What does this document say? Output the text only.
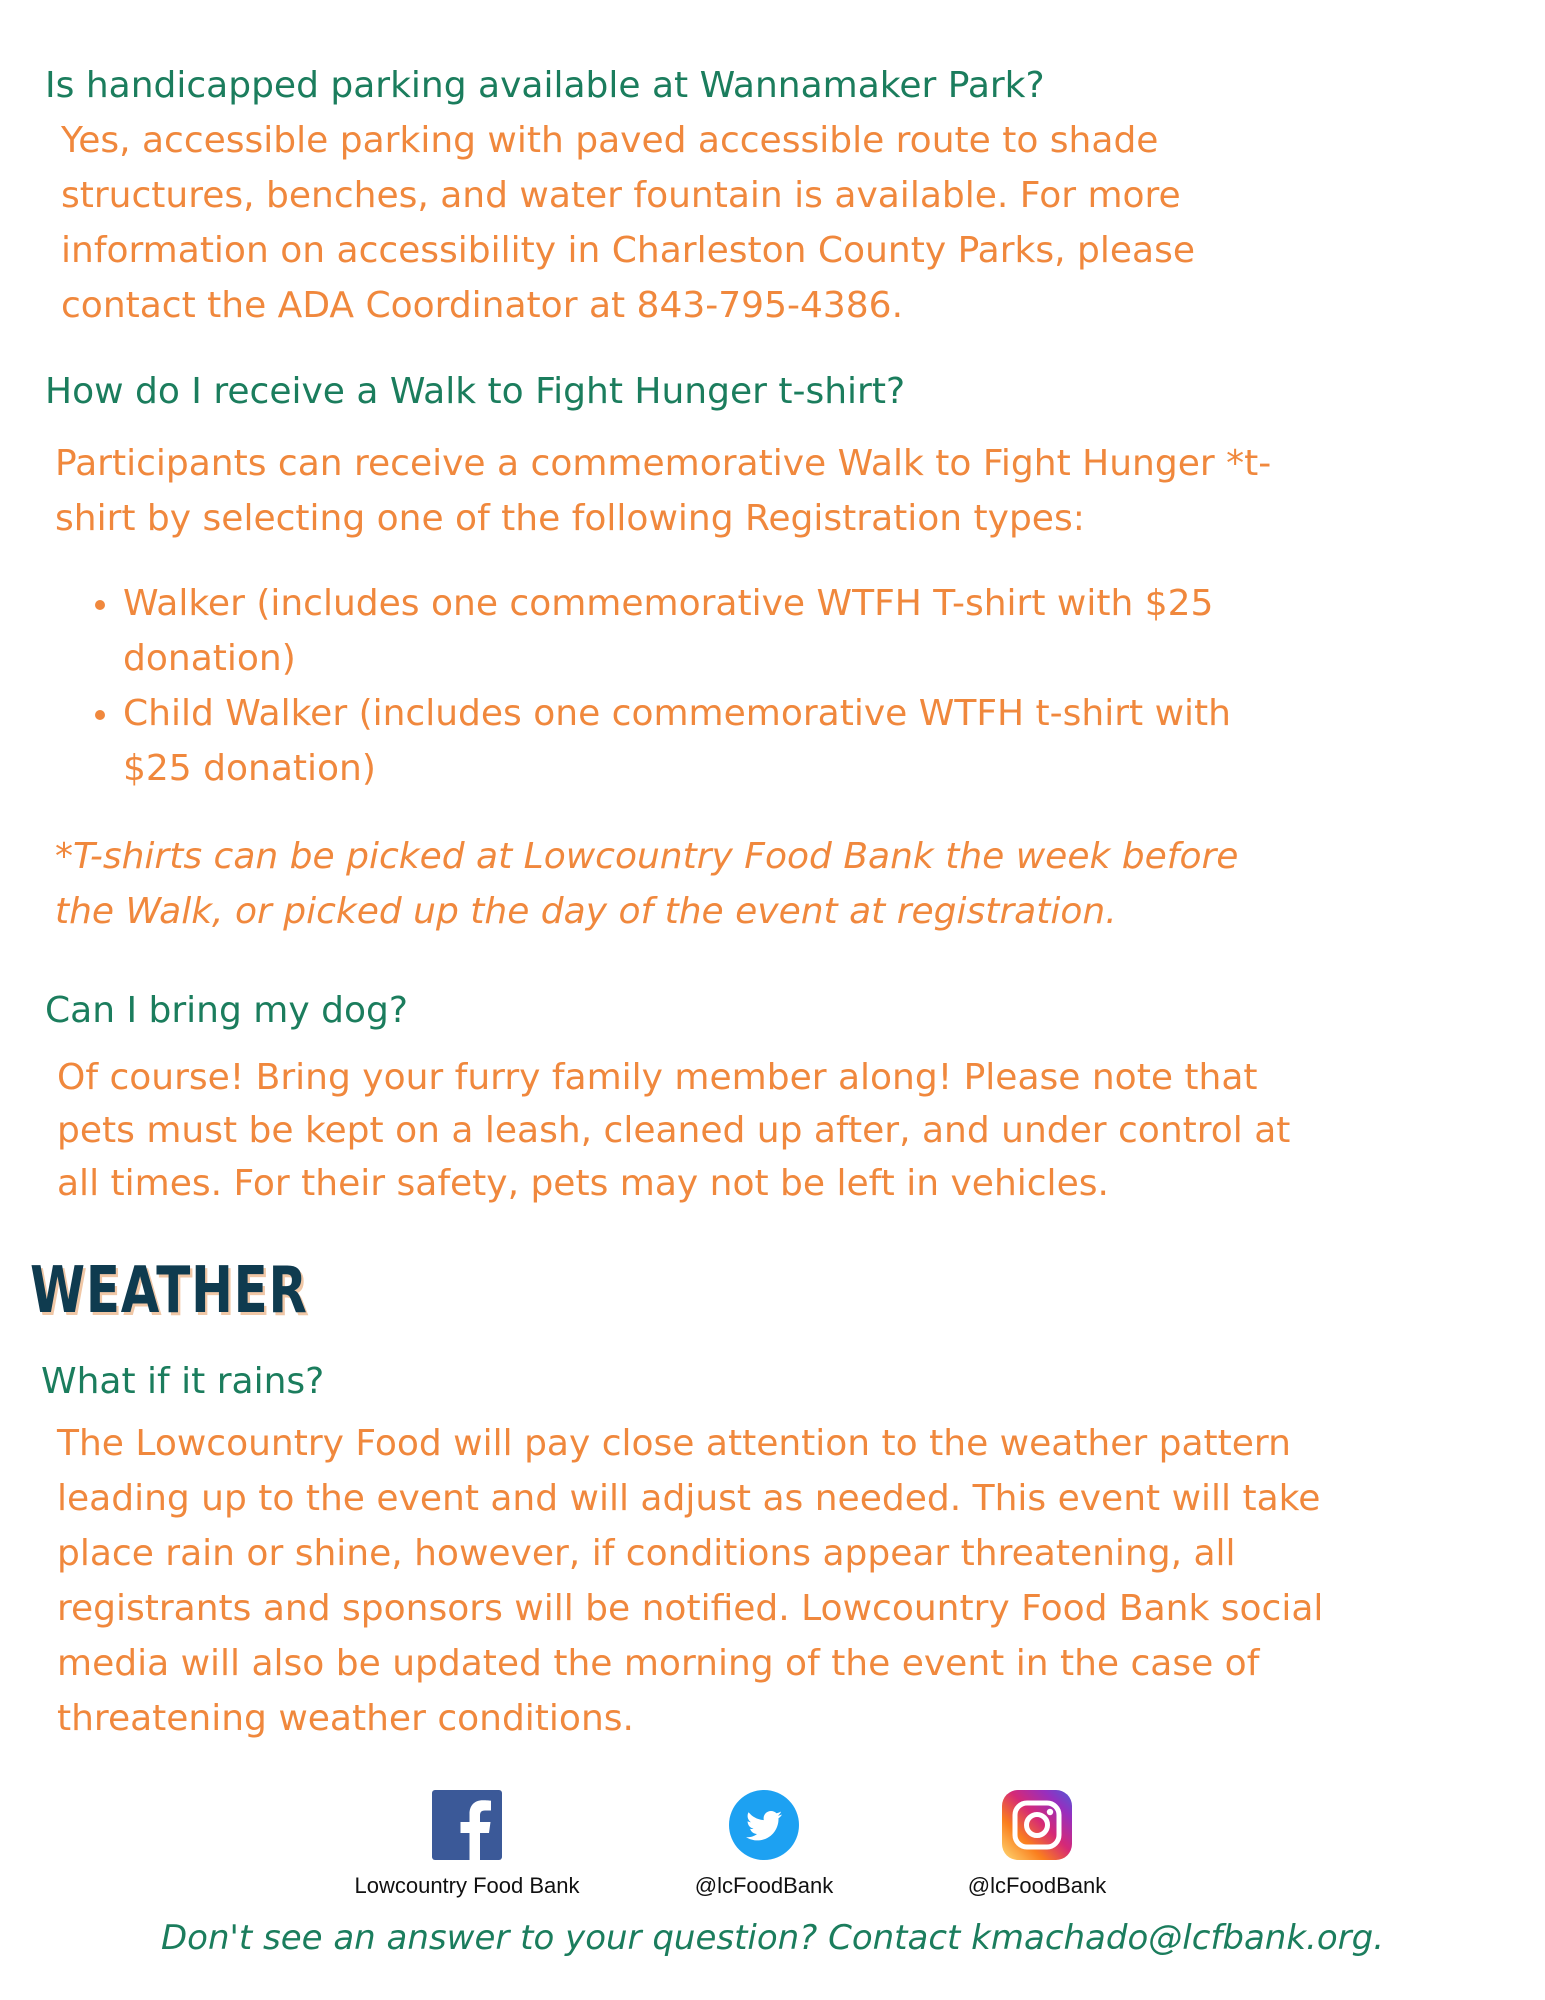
Is handicapped parking available at Wannamaker Park?

Yes, accessible parking with paved accessible route to shade
structures, benches, and water fountain is available. For more
information on accessibility in Charleston County Parks, please
contact the ADA Coordinator at 843-795-4386.

How do I receive a Walk to Fight Hunger t-shirt?

Participants can receive a commemorative Walk to Fight Hunger *t-
shirt by selecting one of the following Registration types:

Walker (includes one commemorative WTFH T-shirt with $25
donation)
Child Walker (includes one commemorative WTFH t-shirt with
$25 donation)

*T-shirts can be picked at Lowcountry Food Bank the week before
the Walk, or picked up the day of the event at registration.

Can I bring my dog?

Of course! Bring your furry family member along! Please note that
pets must be kept on a leash, cleaned up after, and under control at
all times. For their safety, pets may not be left in vehicles.

WEATHER
What if it rains?

The Lowcountry Food will pay close attention to the weather pattern
leading up to the event and will adjust as needed. This event will take
place rain or shine, however, if conditions appear threatening, all
registrants and sponsors will be notified. Lowcountry Food Bank social
media will also be updated the morning of the event in the case of
threatening weather conditions.

Lowcountry Food Bank	@lcFoodBank	@lcFoodBank

Don't see an answer to your question? Contact kmachado@lcfbank.org.
